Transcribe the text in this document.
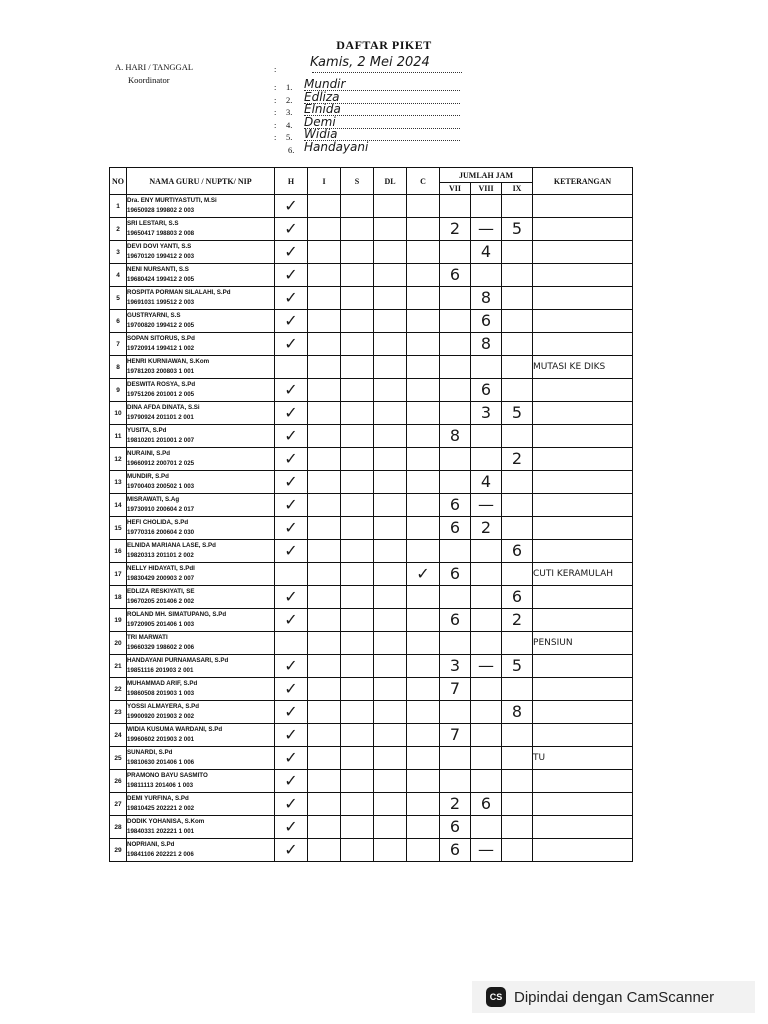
DAFTAR PIKET
A. HARI / TANGGAL
Koordinator
:	Kamis, 2 Mei 2024
: 1. Mundir
: 2. Edliza
: 3. Elnida
: 4. Demi
: 5. Widia
6. Handayani
NO	NAMA GURU / NUPTK/ NIP	H	I	S	DL	C	JUMLAH JAM			KETERANGAN
							VII	VIII	IX	
1	Dra. ENY MURTIYASTUTI, M.Si
19650928 199802 2 003	✓								
2	SRI LESTARI, S.S
19650417 198803 2 008	✓					2	—	5	
3	DEVI DOVI YANTI, S.S
19670120 199412 2 003	✓						4		
4	NENI NURSANTI, S.S
19680424 199412 2 005	✓					6			
5	ROSPITA PORMAN SILALAHI, S.Pd
19691031 199512 2 003	✓						8		
6	GUSTRYARNI, S.S
19700820 199412 2 005	✓						6		
7	SOPAN SITORUS, S.Pd
19720914 199412 1 002	✓						8		
8	HENRI KURNIAWAN, S.Kom
19781203 200803 1 001									MUTASI KE DIKS
9	DESWITA ROSYA, S.Pd
19751206 201001 2 005	✓						6		
10	DINA AFDA DINATA, S.Si
19790924 201101 2 001	✓						3	5	
11	YUSITA, S.Pd
19810201 201001 2 007	✓					8			
12	NURAINI, S.Pd
19660912 200701 2 025	✓							2	
13	MUNDIR, S.Pd
19700403 200502 1 003	✓						4		
14	MISRAWATI, S.Ag
19730910 200604 2 017	✓					6	—		
15	HEFI CHOLIDA, S.Pd
19770316 200604 2 030	✓					6	2		
16	ELNIDA MARIANA LASE, S.Pd
19820313 201101 2 002	✓							6	
17	NELLY HIDAYATI, S.PdI
19830429 200903 2 007					✓	6			CUTI KERAMULAH
18	EDLIZA RESKIYATI, SE
19670205 201406 2 002	✓							6	
19	ROLAND MH. SIMATUPANG, S.Pd
19720905 201406 1 003	✓					6		2	
20	TRI MARWATI
19660329 198602 2 006									PENSIUN
21	HANDAYANI PURNAMASARI, S.Pd
19851116 201903 2 001	✓					3	—	5	
22	MUHAMMAD ARIF, S.Pd
19860508 201903 1 003	✓					7			
23	YOSSI ALMAYERA, S.Pd
19900920 201903 2 002	✓							8	
24	WIDIA KUSUMA WARDANI, S.Pd
19960602 201903 2 001	✓					7			
25	SUNARDI, S.Pd
19810630 201406 1 006	✓								TU
26	PRAMONO BAYU SASMITO
19811113 201406 1 003	✓								
27	DEMI YURFINA, S.Pd
19810425 202221 2 002	✓					2	6		
28	DODIK YOHANISA, S.Kom
19840331 202221 1 001	✓					6			
29	NOPRIANI, S.Pd
19841106 202221 2 006	✓					6	—		
CS Dipindai dengan CamScanner
